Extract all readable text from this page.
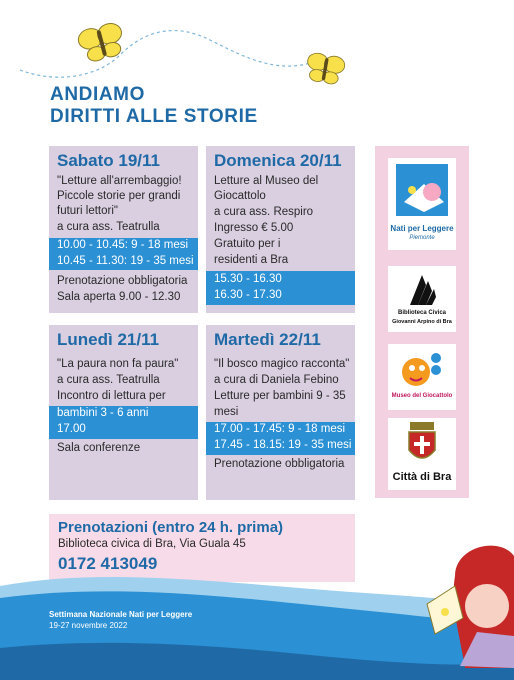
ANDIAMO
DIRITTI ALLE STORIE
Sabato 19/11
"Letture all'arrembaggio!
Piccole storie per grandi
futuri lettori"
a cura ass. Teatrulla
10.00 - 10.45: 9 - 18 mesi
10.45 - 11.30: 19 - 35 mesi
Prenotazione obbligatoria
Sala aperta 9.00 - 12.30
Domenica 20/11
Letture al Museo del
Giocattolo
a cura ass. Respiro
Ingresso € 5.00
Gratuito per i
residenti a Bra
15.30 - 16.30
16.30 - 17.30
Lunedì 21/11
"La paura non fa paura"
a cura ass. Teatrulla
Incontro di lettura per
bambini 3 - 6 anni
17.00
Sala conferenze
Martedì 22/11
"Il bosco magico racconta"
a cura di Daniela Febino
Letture per bambini 9 - 35
mesi
17.00 - 17.45: 9 - 18 mesi
17.45 - 18.15: 19 - 35 mesi
Prenotazione obbligatoria
Nati per Leggere
Piemonte
Biblioteca Civica
Giovanni Arpino di Bra
Museo del Giocattolo
Città di Bra
Prenotazioni (entro 24 h. prima)
Biblioteca civica di Bra, Via Guala 45
0172 413049
Settimana Nazionale Nati per Leggere
19-27 novembre 2022
